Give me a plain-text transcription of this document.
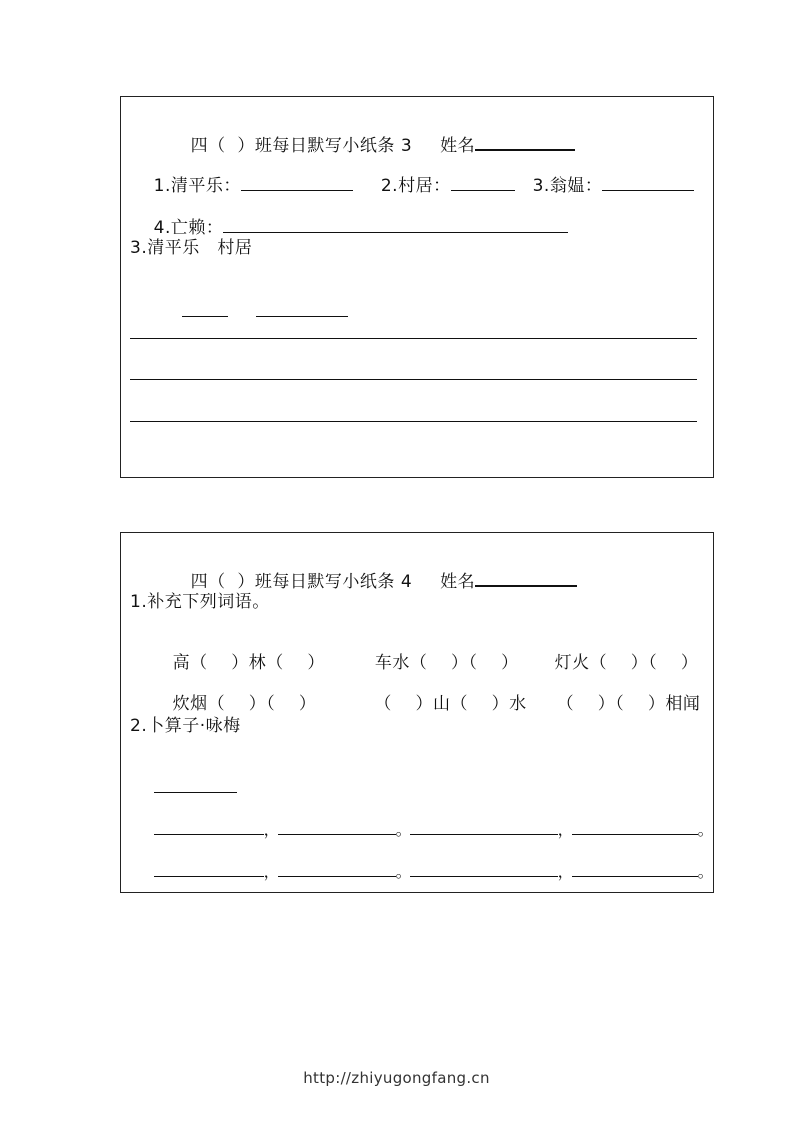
四（  ）班每日默写小纸条 3 姓名

1.清平乐：	2.村居：	3.翁媪：

4.亡赖：

3.清平乐   村居

四（  ）班每日默写小纸条 4 姓名

1.补充下列词语。

高（    ）林（    ）	车水（    ）（    ） 灯火（    ）（    ）

炊烟（    ）（    ）	（    ）山（    ）水 （    ）（    ）相闻

2.卜算子·咏梅

，	。	，	。

，	。	，	。

http://zhiyugongfang.cn
